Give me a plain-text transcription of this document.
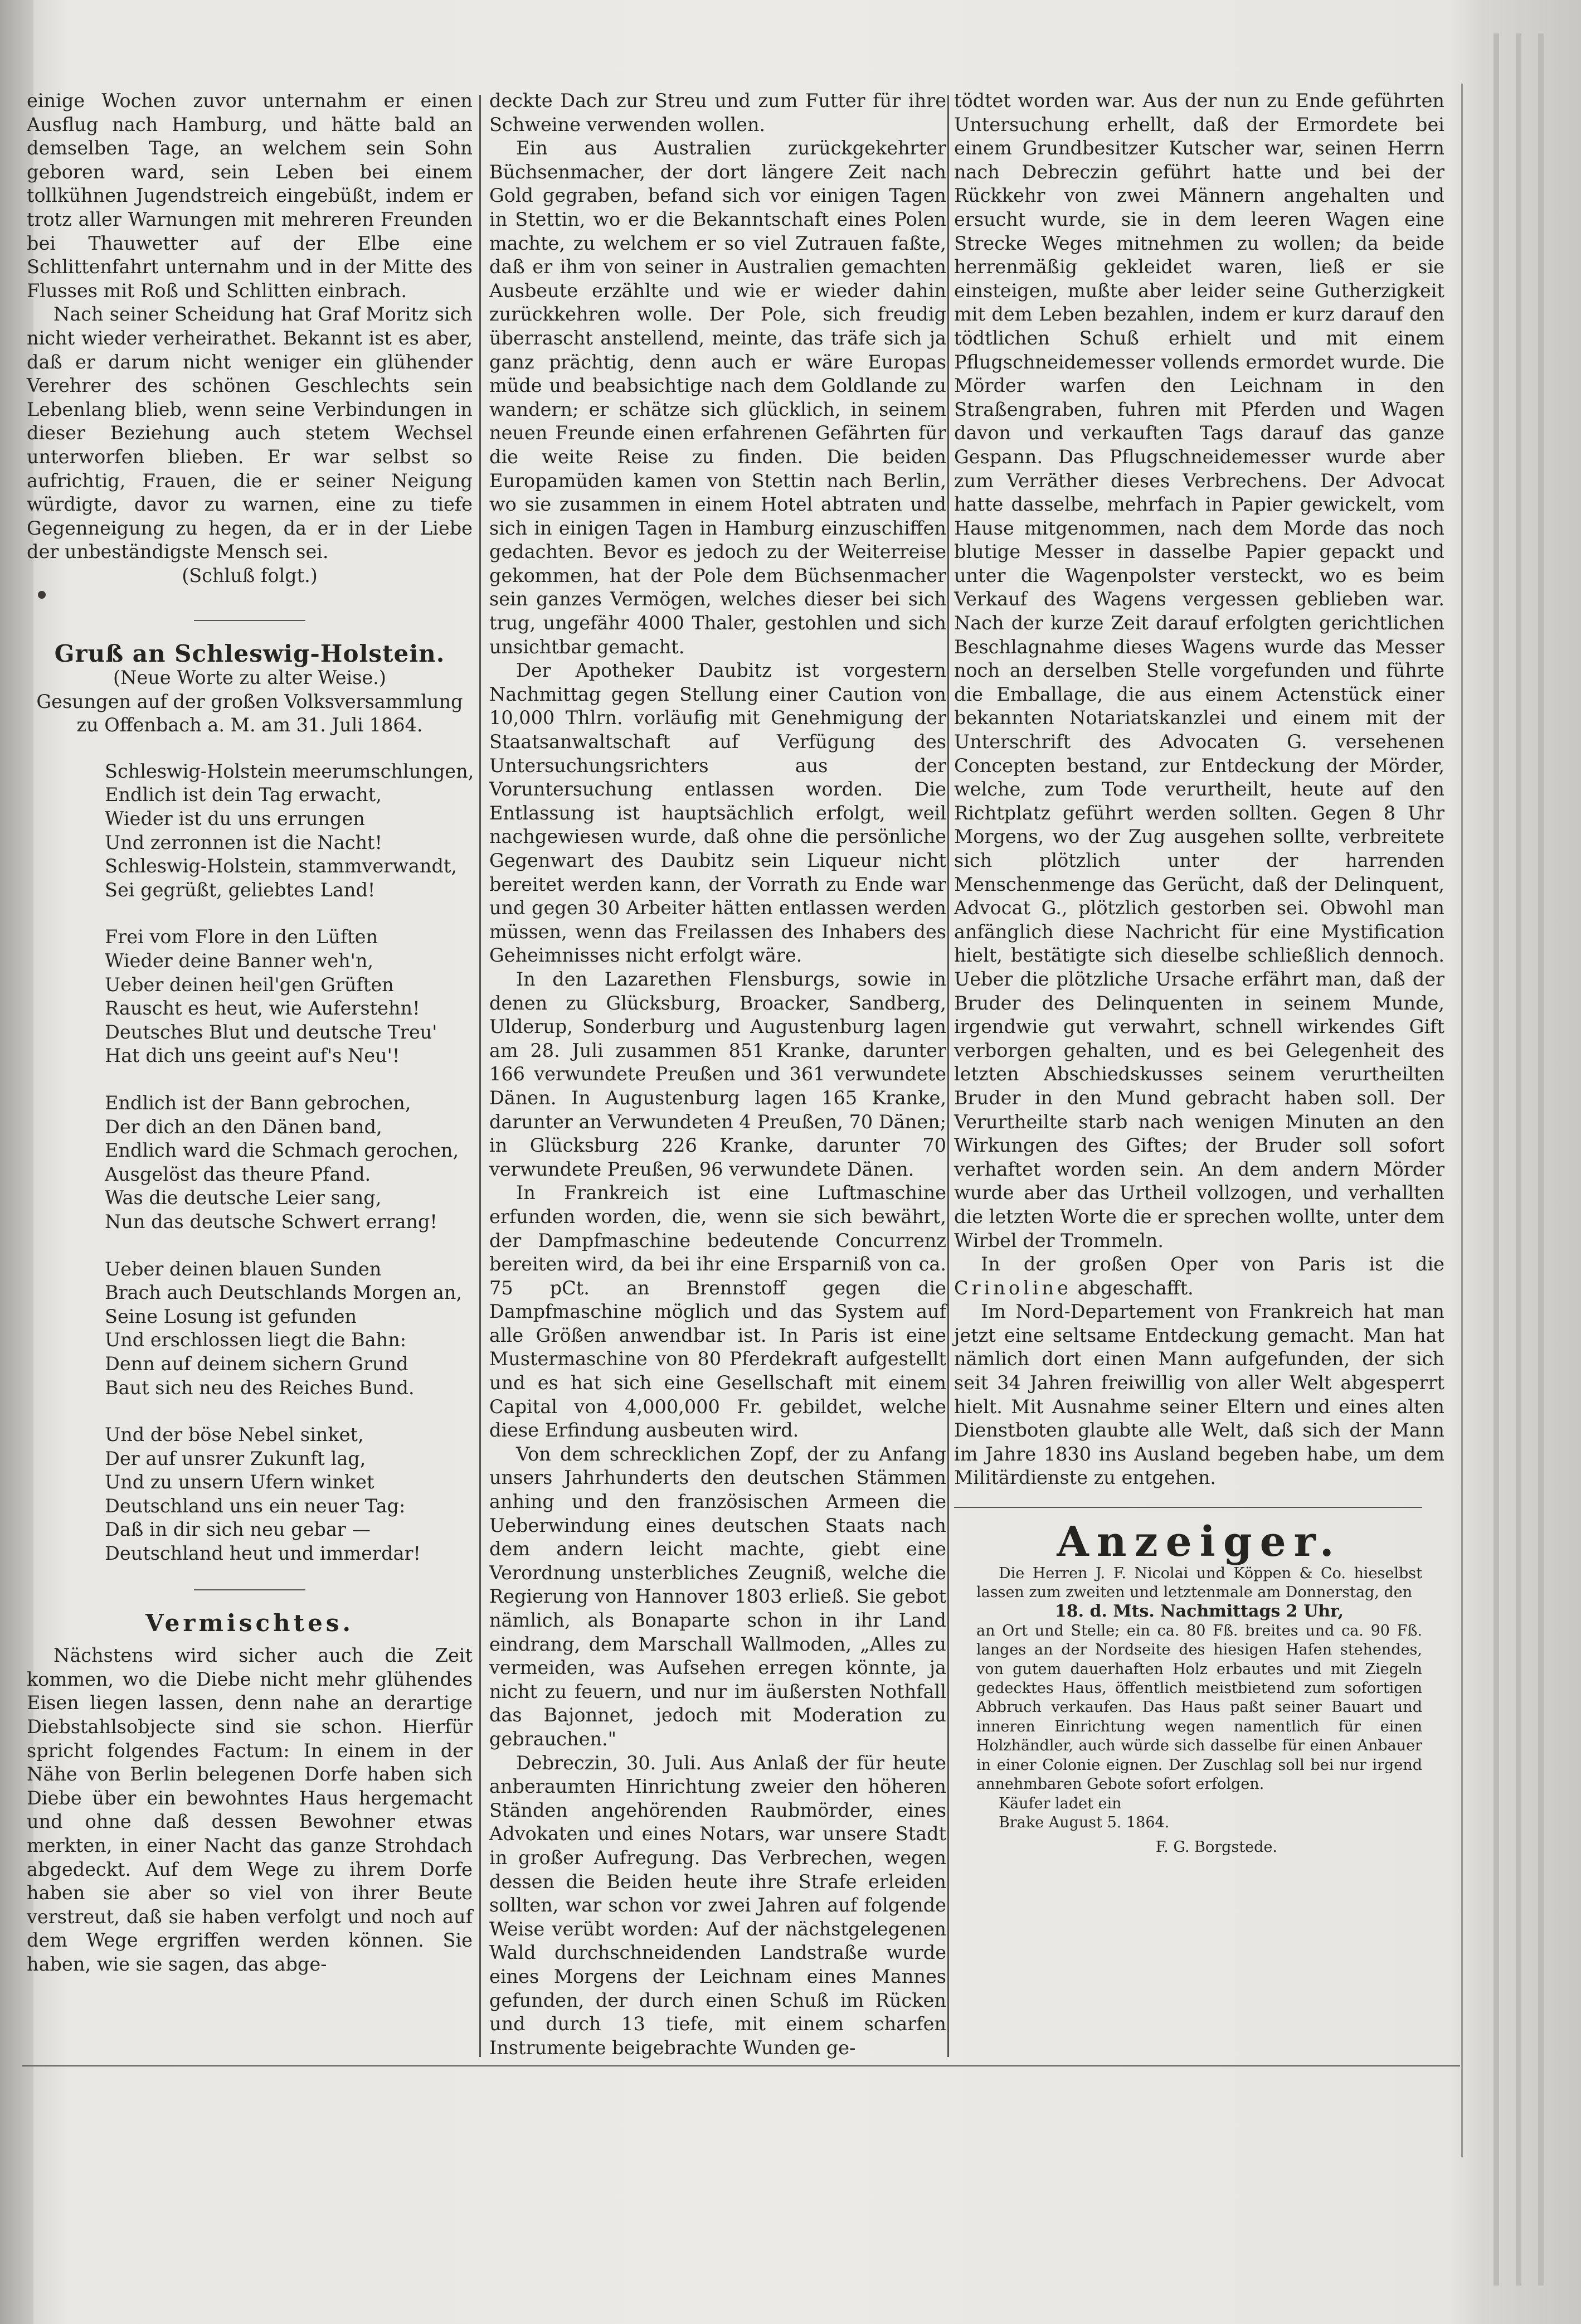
einige Wochen zuvor unternahm er einen Ausflug nach Hamburg, und hätte bald an demselben Tage, an welchem sein Sohn geboren ward, sein Leben bei einem tollkühnen Jugendstreich eingebüßt, indem er trotz aller Warnungen mit mehreren Freunden bei Thauwetter auf der Elbe eine Schlittenfahrt unternahm und in der Mitte des Flusses mit Roß und Schlitten einbrach.

Nach seiner Scheidung hat Graf Moritz sich nicht wieder verheirathet. Bekannt ist es aber, daß er darum nicht weniger ein glühender Verehrer des schönen Geschlechts sein Lebenlang blieb, wenn seine Verbindungen in dieser Beziehung auch stetem Wechsel unterworfen blieben. Er war selbst so aufrichtig, Frauen, die er seiner Neigung würdigte, davor zu warnen, eine zu tiefe Gegenneigung zu hegen, da er in der Liebe der unbeständigste Mensch sei.

(Schluß folgt.)

Gruß an Schleswig-Holstein.

(Neue Worte zu alter Weise.)

Gesungen auf der großen Volksversammlung zu Offenbach a. M. am 31. Juli 1864.

Schleswig-Holstein meerumschlungen,
Endlich ist dein Tag erwacht,
Wieder ist du uns errungen
Und zerronnen ist die Nacht!
Schleswig-Holstein, stammverwandt,
Sei gegrüßt, geliebtes Land!
Frei vom Flore in den Lüften
Wieder deine Banner weh'n,
Ueber deinen heil'gen Grüften
Rauscht es heut, wie Auferstehn!
Deutsches Blut und deutsche Treu'
Hat dich uns geeint auf's Neu'!
Endlich ist der Bann gebrochen,
Der dich an den Dänen band,
Endlich ward die Schmach gerochen,
Ausgelöst das theure Pfand.
Was die deutsche Leier sang,
Nun das deutsche Schwert errang!
Ueber deinen blauen Sunden
Brach auch Deutschlands Morgen an,
Seine Losung ist gefunden
Und erschlossen liegt die Bahn:
Denn auf deinem sichern Grund
Baut sich neu des Reiches Bund.
Und der böse Nebel sinket,
Der auf unsrer Zukunft lag,
Und zu unsern Ufern winket
Deutschland uns ein neuer Tag:
Daß in dir sich neu gebar —
Deutschland heut und immerdar!
Vermischtes.

Nächstens wird sicher auch die Zeit kommen, wo die Diebe nicht mehr glühendes Eisen liegen lassen, denn nahe an derartige Diebstahlsobjecte sind sie schon. Hierfür spricht folgendes Factum: In einem in der Nähe von Berlin belegenen Dorfe haben sich Diebe über ein bewohntes Haus hergemacht und ohne daß dessen Bewohner etwas merkten, in einer Nacht das ganze Strohdach abgedeckt. Auf dem Wege zu ihrem Dorfe haben sie aber so viel von ihrer Beute verstreut, daß sie haben verfolgt und noch auf dem Wege ergriffen werden können. Sie haben, wie sie sagen, das abge-

deckte Dach zur Streu und zum Futter für ihre Schweine verwenden wollen.

Ein aus Australien zurückgekehrter Büchsenmacher, der dort längere Zeit nach Gold gegraben, befand sich vor einigen Tagen in Stettin, wo er die Bekanntschaft eines Polen machte, zu welchem er so viel Zutrauen faßte, daß er ihm von seiner in Australien gemachten Ausbeute erzählte und wie er wieder dahin zurückkehren wolle. Der Pole, sich freudig überrascht anstellend, meinte, das träfe sich ja ganz prächtig, denn auch er wäre Europas müde und beabsichtige nach dem Goldlande zu wandern; er schätze sich glücklich, in seinem neuen Freunde einen erfahrenen Gefährten für die weite Reise zu finden. Die beiden Europamüden kamen von Stettin nach Berlin, wo sie zusammen in einem Hotel abtraten und sich in einigen Tagen in Hamburg einzuschiffen gedachten. Bevor es jedoch zu der Weiterreise gekommen, hat der Pole dem Büchsenmacher sein ganzes Vermögen, welches dieser bei sich trug, ungefähr 4000 Thaler, gestohlen und sich unsichtbar gemacht.

Der Apotheker Daubitz ist vorgestern Nachmittag gegen Stellung einer Caution von 10,000 Thlrn. vorläufig mit Genehmigung der Staatsanwaltschaft auf Verfügung des Untersuchungsrichters aus der Voruntersuchung entlassen worden. Die Entlassung ist hauptsächlich erfolgt, weil nachgewiesen wurde, daß ohne die persönliche Gegenwart des Daubitz sein Liqueur nicht bereitet werden kann, der Vorrath zu Ende war und gegen 30 Arbeiter hätten entlassen werden müssen, wenn das Freilassen des Inhabers des Geheimnisses nicht erfolgt wäre.

In den Lazarethen Flensburgs, sowie in denen zu Glücksburg, Broacker, Sandberg, Ulderup, Sonderburg und Augustenburg lagen am 28. Juli zusammen 851 Kranke, darunter 166 verwundete Preußen und 361 verwundete Dänen. In Augustenburg lagen 165 Kranke, darunter an Verwundeten 4 Preußen, 70 Dänen; in Glücksburg 226 Kranke, darunter 70 verwundete Preußen, 96 verwundete Dänen.

In Frankreich ist eine Luftmaschine erfunden worden, die, wenn sie sich bewährt, der Dampfmaschine bedeutende Concurrenz bereiten wird, da bei ihr eine Ersparniß von ca. 75 pCt. an Brennstoff gegen die Dampfmaschine möglich und das System auf alle Größen anwendbar ist. In Paris ist eine Mustermaschine von 80 Pferdekraft aufgestellt und es hat sich eine Gesellschaft mit einem Capital von 4,000,000 Fr. gebildet, welche diese Erfindung ausbeuten wird.

Von dem schrecklichen Zopf, der zu Anfang unsers Jahrhunderts den deutschen Stämmen anhing und den französischen Armeen die Ueberwindung eines deutschen Staats nach dem andern leicht machte, giebt eine Verordnung unsterbliches Zeugniß, welche die Regierung von Hannover 1803 erließ. Sie gebot nämlich, als Bonaparte schon in ihr Land eindrang, dem Marschall Wallmoden, „Alles zu vermeiden, was Aufsehen erregen könnte, ja nicht zu feuern, und nur im äußersten Nothfall das Bajonnet, jedoch mit Moderation zu gebrauchen."

Debreczin, 30. Juli. Aus Anlaß der für heute anberaumten Hinrichtung zweier den höheren Ständen angehörenden Raubmörder, eines Advokaten und eines Notars, war unsere Stadt in großer Aufregung. Das Verbrechen, wegen dessen die Beiden heute ihre Strafe erleiden sollten, war schon vor zwei Jahren auf folgende Weise verübt worden: Auf der nächstgelegenen Wald durchschneidenden Landstraße wurde eines Morgens der Leichnam eines Mannes gefunden, der durch einen Schuß im Rücken und durch 13 tiefe, mit einem scharfen Instrumente beigebrachte Wunden ge-

tödtet worden war. Aus der nun zu Ende geführten Untersuchung erhellt, daß der Ermordete bei einem Grundbesitzer Kutscher war, seinen Herrn nach Debreczin geführt hatte und bei der Rückkehr von zwei Männern angehalten und ersucht wurde, sie in dem leeren Wagen eine Strecke Weges mitnehmen zu wollen; da beide herrenmäßig gekleidet waren, ließ er sie einsteigen, mußte aber leider seine Gutherzigkeit mit dem Leben bezahlen, indem er kurz darauf den tödtlichen Schuß erhielt und mit einem Pflugschneidemesser vollends ermordet wurde. Die Mörder warfen den Leichnam in den Straßengraben, fuhren mit Pferden und Wagen davon und verkauften Tags darauf das ganze Gespann. Das Pflugschneidemesser wurde aber zum Verräther dieses Verbrechens. Der Advocat hatte dasselbe, mehrfach in Papier gewickelt, vom Hause mitgenommen, nach dem Morde das noch blutige Messer in dasselbe Papier gepackt und unter die Wagenpolster versteckt, wo es beim Verkauf des Wagens vergessen geblieben war. Nach der kurze Zeit darauf erfolgten gerichtlichen Beschlagnahme dieses Wagens wurde das Messer noch an derselben Stelle vorgefunden und führte die Emballage, die aus einem Actenstück einer bekannten Notariatskanzlei und einem mit der Unterschrift des Advocaten G. versehenen Concepten bestand, zur Entdeckung der Mörder, welche, zum Tode verurtheilt, heute auf den Richtplatz geführt werden sollten. Gegen 8 Uhr Morgens, wo der Zug ausgehen sollte, verbreitete sich plötzlich unter der harrenden Menschenmenge das Gerücht, daß der Delinquent, Advocat G., plötzlich gestorben sei. Obwohl man anfänglich diese Nachricht für eine Mystification hielt, bestätigte sich dieselbe schließlich dennoch. Ueber die plötzliche Ursache erfährt man, daß der Bruder des Delinquenten in seinem Munde, irgendwie gut verwahrt, schnell wirkendes Gift verborgen gehalten, und es bei Gelegenheit des letzten Abschiedskusses seinem verurtheilten Bruder in den Mund gebracht haben soll. Der Verurtheilte starb nach wenigen Minuten an den Wirkungen des Giftes; der Bruder soll sofort verhaftet worden sein. An dem andern Mörder wurde aber das Urtheil vollzogen, und verhallten die letzten Worte die er sprechen wollte, unter dem Wirbel der Trommeln.

In der großen Oper von Paris ist die Crinoline abgeschafft.

Im Nord-Departement von Frankreich hat man jetzt eine seltsame Entdeckung gemacht. Man hat nämlich dort einen Mann aufgefunden, der sich seit 34 Jahren freiwillig von aller Welt abgesperrt hielt. Mit Ausnahme seiner Eltern und eines alten Dienstboten glaubte alle Welt, daß sich der Mann im Jahre 1830 ins Ausland begeben habe, um dem Militärdienste zu entgehen.

Anzeiger.

Die Herren J. F. Nicolai und Köppen & Co. hieselbst lassen zum zweiten und letztenmale am Donnerstag, den

18. d. Mts. Nachmittags 2 Uhr,

an Ort und Stelle; ein ca. 80 Fß. breites und ca. 90 Fß. langes an der Nordseite des hiesigen Hafen stehendes, von gutem dauerhaften Holz erbautes und mit Ziegeln gedecktes Haus, öffentlich meistbietend zum sofortigen Abbruch verkaufen. Das Haus paßt seiner Bauart und inneren Einrichtung wegen namentlich für einen Holzhändler, auch würde sich dasselbe für einen Anbauer in einer Colonie eignen. Der Zuschlag soll bei nur irgend annehmbaren Gebote sofort erfolgen.

Käufer ladet ein

Brake August 5. 1864.

F. G. Borgstede.
